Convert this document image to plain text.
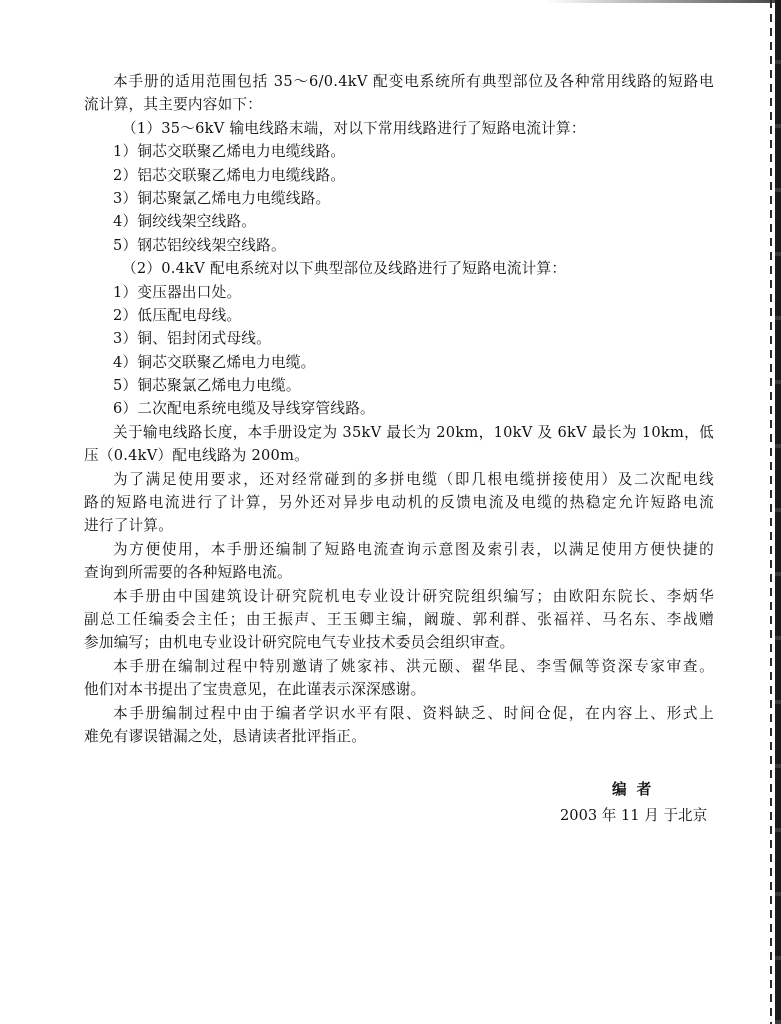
本手册的适用范围包括 35～6/0.4kV 配变电系统所有典型部位及各种常用线路的短路电
流计算，其主要内容如下：
（1）35～6kV 输电线路末端，对以下常用线路进行了短路电流计算：
1）铜芯交联聚乙烯电力电缆线路。
2）铝芯交联聚乙烯电力电缆线路。
3）铜芯聚氯乙烯电力电缆线路。
4）铜绞线架空线路。
5）钢芯铝绞线架空线路。
（2）0.4kV 配电系统对以下典型部位及线路进行了短路电流计算：
1）变压器出口处。
2）低压配电母线。
3）铜、铝封闭式母线。
4）铜芯交联聚乙烯电力电缆。
5）铜芯聚氯乙烯电力电缆。
6）二次配电系统电缆及导线穿管线路。
关于输电线路长度，本手册设定为 35kV 最长为 20km，10kV 及 6kV 最长为 10km，低
压（0.4kV）配电线路为 200m。
为了满足使用要求，还对经常碰到的多拼电缆（即几根电缆拼接使用）及二次配电线
路的短路电流进行了计算，另外还对异步电动机的反馈电流及电缆的热稳定允许短路电流
进行了计算。
为方便使用，本手册还编制了短路电流查询示意图及索引表，以满足使用方便快捷的
查询到所需要的各种短路电流。
本手册由中国建筑设计研究院机电专业设计研究院组织编写；由欧阳东院长、李炳华
副总工任编委会主任；由王振声、王玉卿主编，阚璇、郭利群、张福祥、马名东、李战赠
参加编写；由机电专业设计研究院电气专业技术委员会组织审查。
本手册在编制过程中特别邀请了姚家祎、洪元颐、翟华昆、李雪佩等资深专家审查。
他们对本书提出了宝贵意见，在此谨表示深深感谢。
本手册编制过程中由于编者学识水平有限、资料缺乏、时间仓促，在内容上、形式上
难免有谬误错漏之处，恳请读者批评指正。
编者
2003 年 11 月 于北京
